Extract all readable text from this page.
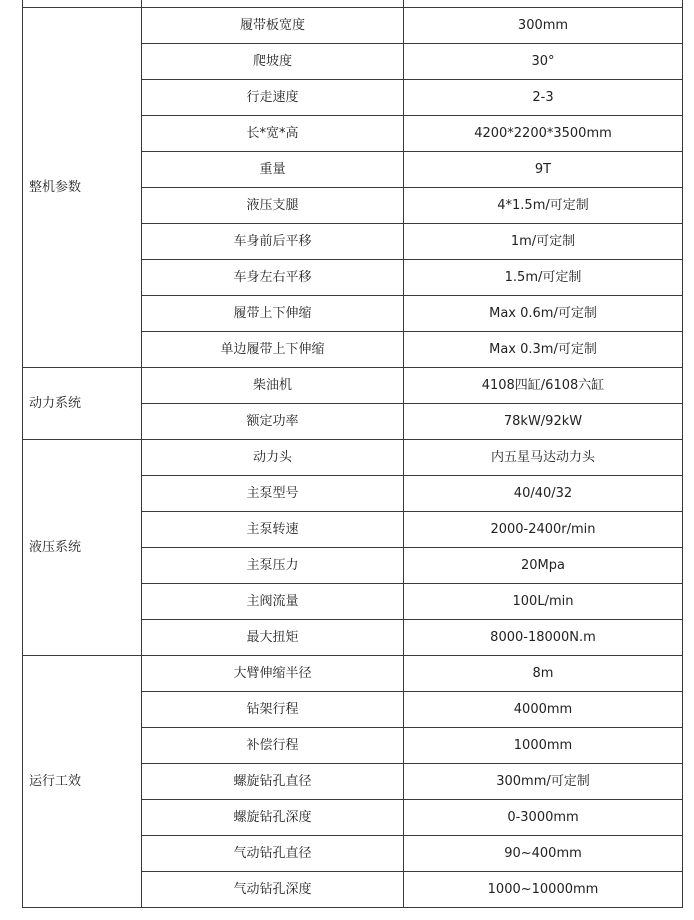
整机参数	履带板宽度	300mm
	爬坡度	30°
	行走速度	2-3
	长*宽*高	4200*2200*3500mm
	重量	9T
	液压支腿	4*1.5m/可定制
	车身前后平移	1m/可定制
	车身左右平移	1.5m/可定制
	履带上下伸缩	Max 0.6m/可定制
	单边履带上下伸缩	Max 0.3m/可定制
动力系统	柴油机	4108四缸/6108六缸
	额定功率	78kW/92kW
液压系统	动力头	内五星马达动力头
	主泵型号	40/40/32
	主泵转速	2000-2400r/min
	主泵压力	20Mpa
	主阀流量	100L/min
	最大扭矩	8000-18000N.m
运行工效	大臂伸缩半径	8m
	钻架行程	4000mm
	补偿行程	1000mm
	螺旋钻孔直径	300mm/可定制
	螺旋钻孔深度	0-3000mm
	气动钻孔直径	90~400mm
	气动钻孔深度	1000~10000mm
